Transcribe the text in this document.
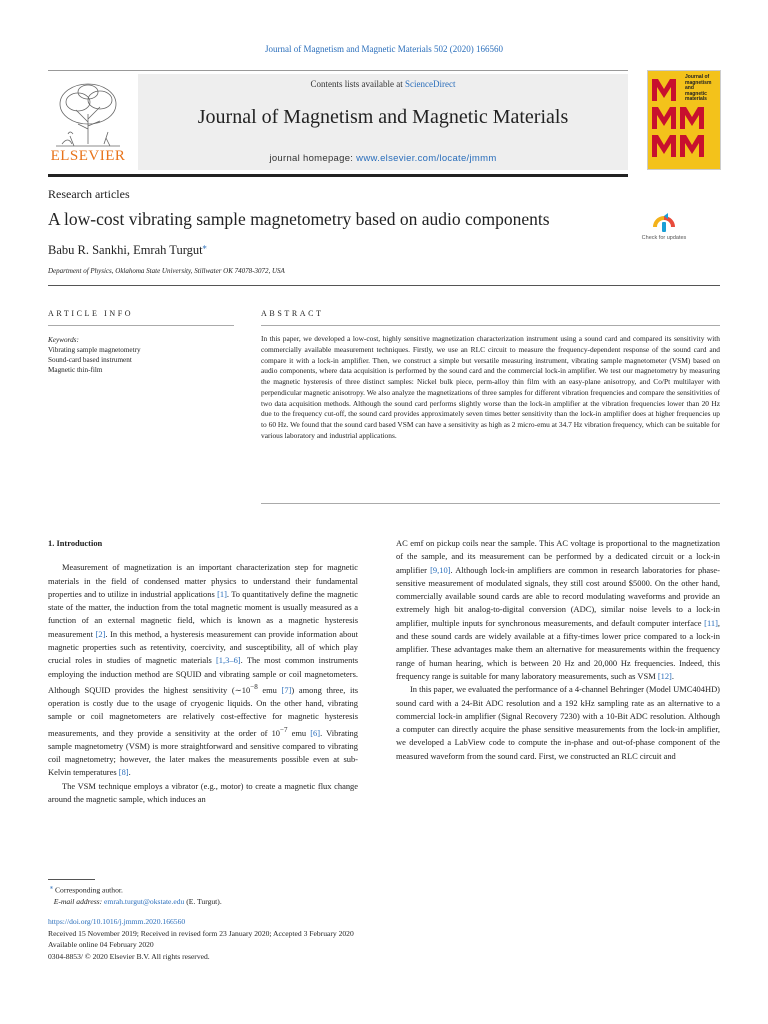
Journal of Magnetism and Magnetic Materials 502 (2020) 166560
ELSEVIER
Contents lists available at ScienceDirect
Journal of Magnetism and Magnetic Materials
journal homepage: www.elsevier.com/locate/jmmm
Journal of magnetism and magnetic materials
Research articles
A low-cost vibrating sample magnetometry based on audio components
Check for updates
Babu R. Sankhi, Emrah Turgut⁎
Department of Physics, Oklahoma State University, Stillwater OK 74078-3072, USA
ARTICLE INFO
Keywords:
Vibrating sample magnetometry
Sound-card based instrument
Magnetic thin-film
ABSTRACT
In this paper, we developed a low-cost, highly sensitive magnetization characterization instrument using a sound card and compared its sensitivity with commercially available measurement techniques. Firstly, we use an RLC circuit to measure the frequency-dependent response of the sound card and compare it with a lock-in amplifier. Then, we construct a simple but versatile measuring instrument, vibrating sample magnetometer (VSM) based on audio components, where data acquisition is performed by the sound card and the commercial lock-in amplifier. We test our magnetometry by measuring the magnetic hysteresis of three distinct samples: Nickel bulk piece, perm-alloy thin film with an easy-plane anisotropy, and Co/Pt multilayer with perpendicular magnetic anisotropy. We also analyze the magnetizations of three samples for different vibration frequencies and compare the sensitivities of two data acquisition methods. Although the sound card performs slightly worse than the lock-in amplifier at the vibration frequencies lower than 20 Hz due to the frequency cut-off, the sound card provides approximately seven times better sensitivity than the lock-in amplifier does at higher frequencies up to 60 Hz. We found that the sound card based VSM can have a sensitivity as high as 2 micro-emu at 34.7 Hz vibration frequency, which can be suitable for various laboratory and industrial applications.

1. Introduction

Measurement of magnetization is an important characterization step for magnetic materials in the field of condensed matter physics to understand their fundamental properties and to utilize in industrial applications [1]. To quantitatively define the magnetic state of the matter, the induction from the total magnetic moment is usually measured as a function of an external magnetic field, which is known as a magnetic hysteresis measurement [2]. In this method, a hysteresis measurement can provide information about magnetic properties such as retentivity, coercivity, and susceptibility, all of which play crucial roles in studies of magnetic materials [1,3–6]. The most common instruments employing the induction method are SQUID and vibrating sample or coil magnetometers. Although SQUID provides the highest sensitivity ($\sim 10^{-8}$ emu [7]) among three, its operation is costly due to the usage of cryogenic liquids. On the other hand, vibrating sample or coil magnetometers are relatively cost-effective for magnetic hysteresis measurements, and they provide a sensitivity at the order of $10^{-7}$ emu [6]. Vibrating sample magnetometry (VSM) is more straightforward and sensitive compared to vibrating coil magnetometry; however, the later makes the measurements possible even at sub-Kelvin temperatures [8].

The VSM technique employs a vibrator (e.g., motor) to create a magnetic flux change around the magnetic sample, which induces an

AC emf on pickup coils near the sample. This AC voltage is proportional to the magnetization of the sample, and its measurement can be performed by a dedicated circuit or a lock-in amplifier [9,10]. Although lock-in amplifiers are common in research laboratories for phase-sensitive measurement of modulated signals, they still cost around $5000. On the other hand, commercially available sound cards are able to record modulating waveforms and provide an extremely high bit analog-to-digital conversion (ADC), similar noise levels to a lock-in amplifier, multiple inputs for synchronous measurements, and default computer interface [11], and these sound cards are widely available at a fifty-times lower price compared to a lock-in amplifier. These advantages make them an alternative for measurements within the frequency range of human hearing, which is between 20 Hz and 20,000 Hz frequencies. Indeed, this frequency range is suitable for many laboratory measurements, such as VSM [12].

In this paper, we evaluated the performance of a 4-channel Behringer (Model UMC404HD) sound card with a 24-Bit ADC resolution and a 192 kHz sampling rate as an alternative to a commercial lock-in amplifier (Signal Recovery 7230) with a 10-Bit ADC resolution. Although a computer can directly acquire the phase sensitive measurements from the lock-in amplifier, we developed a LabView code to compute the in-phase and out-of-phase component of the measured waveform from the sound card. First, we constructed an RLC circuit and

⁎ Corresponding author.
E-mail address: emrah.turgut@okstate.edu (E. Turgut).
https://doi.org/10.1016/j.jmmm.2020.166560
Received 15 November 2019; Received in revised form 23 January 2020; Accepted 3 February 2020
Available online 04 February 2020
0304-8853/ © 2020 Elsevier B.V. All rights reserved.
